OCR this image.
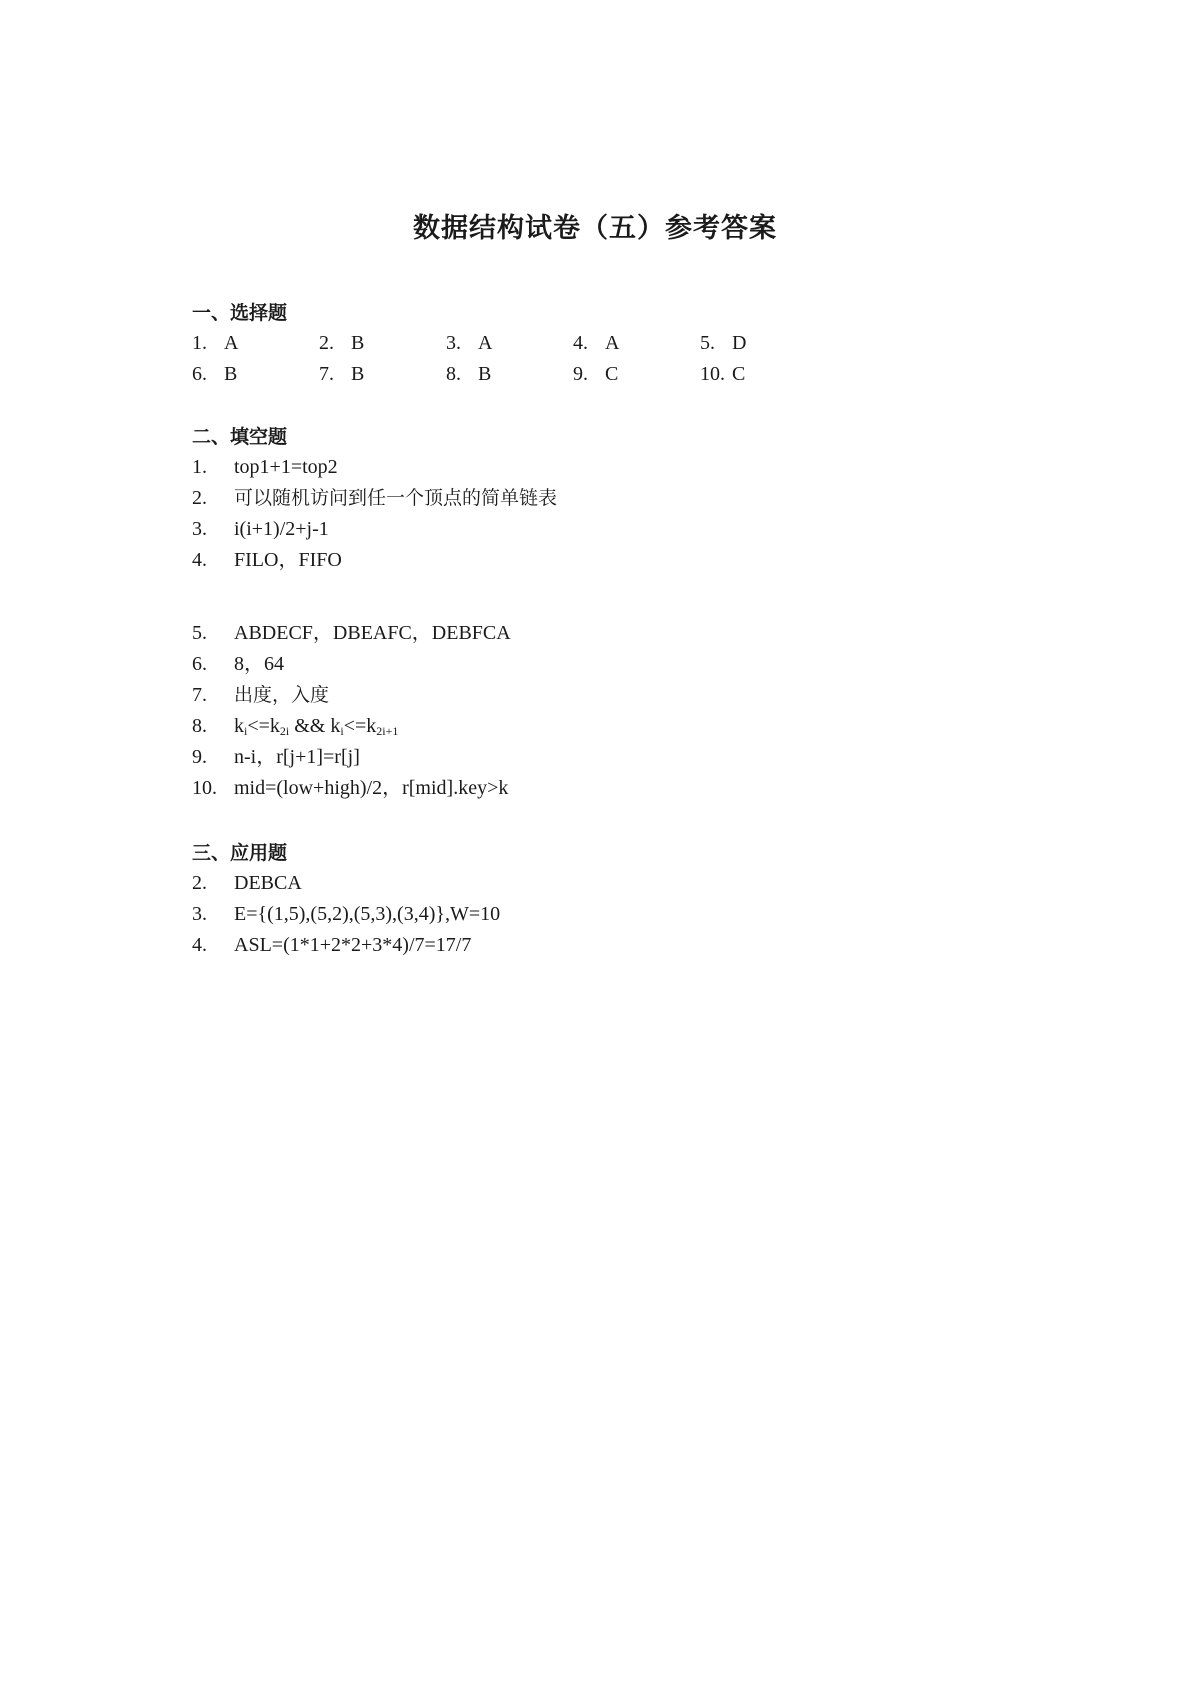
数据结构试卷（五）参考答案
一、选择题
1. A	2. B	3. A	4. A	5. D
6. B	7. B	8. B	9. C	10. C
二、填空题
1.	top1+1=top2
2.	可以随机访问到任一个顶点的简单链表
3.	i(i+1)/2+j-1
4.	FILO，FIFO
5.	ABDECF，DBEAFC，DEBFCA
6.	8，64
7.	出度，入度
8.	$k_i<=k_{2i}$ && $k_i<=k_{2i+1}$
9.	n-i，r[j+1]=r[j]
10. mid=(low+high)/2，r[mid].key>k
三、应用题
2.	DEBCA
3.	E={(1,5),(5,2),(5,3),(3,4)},W=10
4.	ASL=(1*1+2*2+3*4)/7=17/7
